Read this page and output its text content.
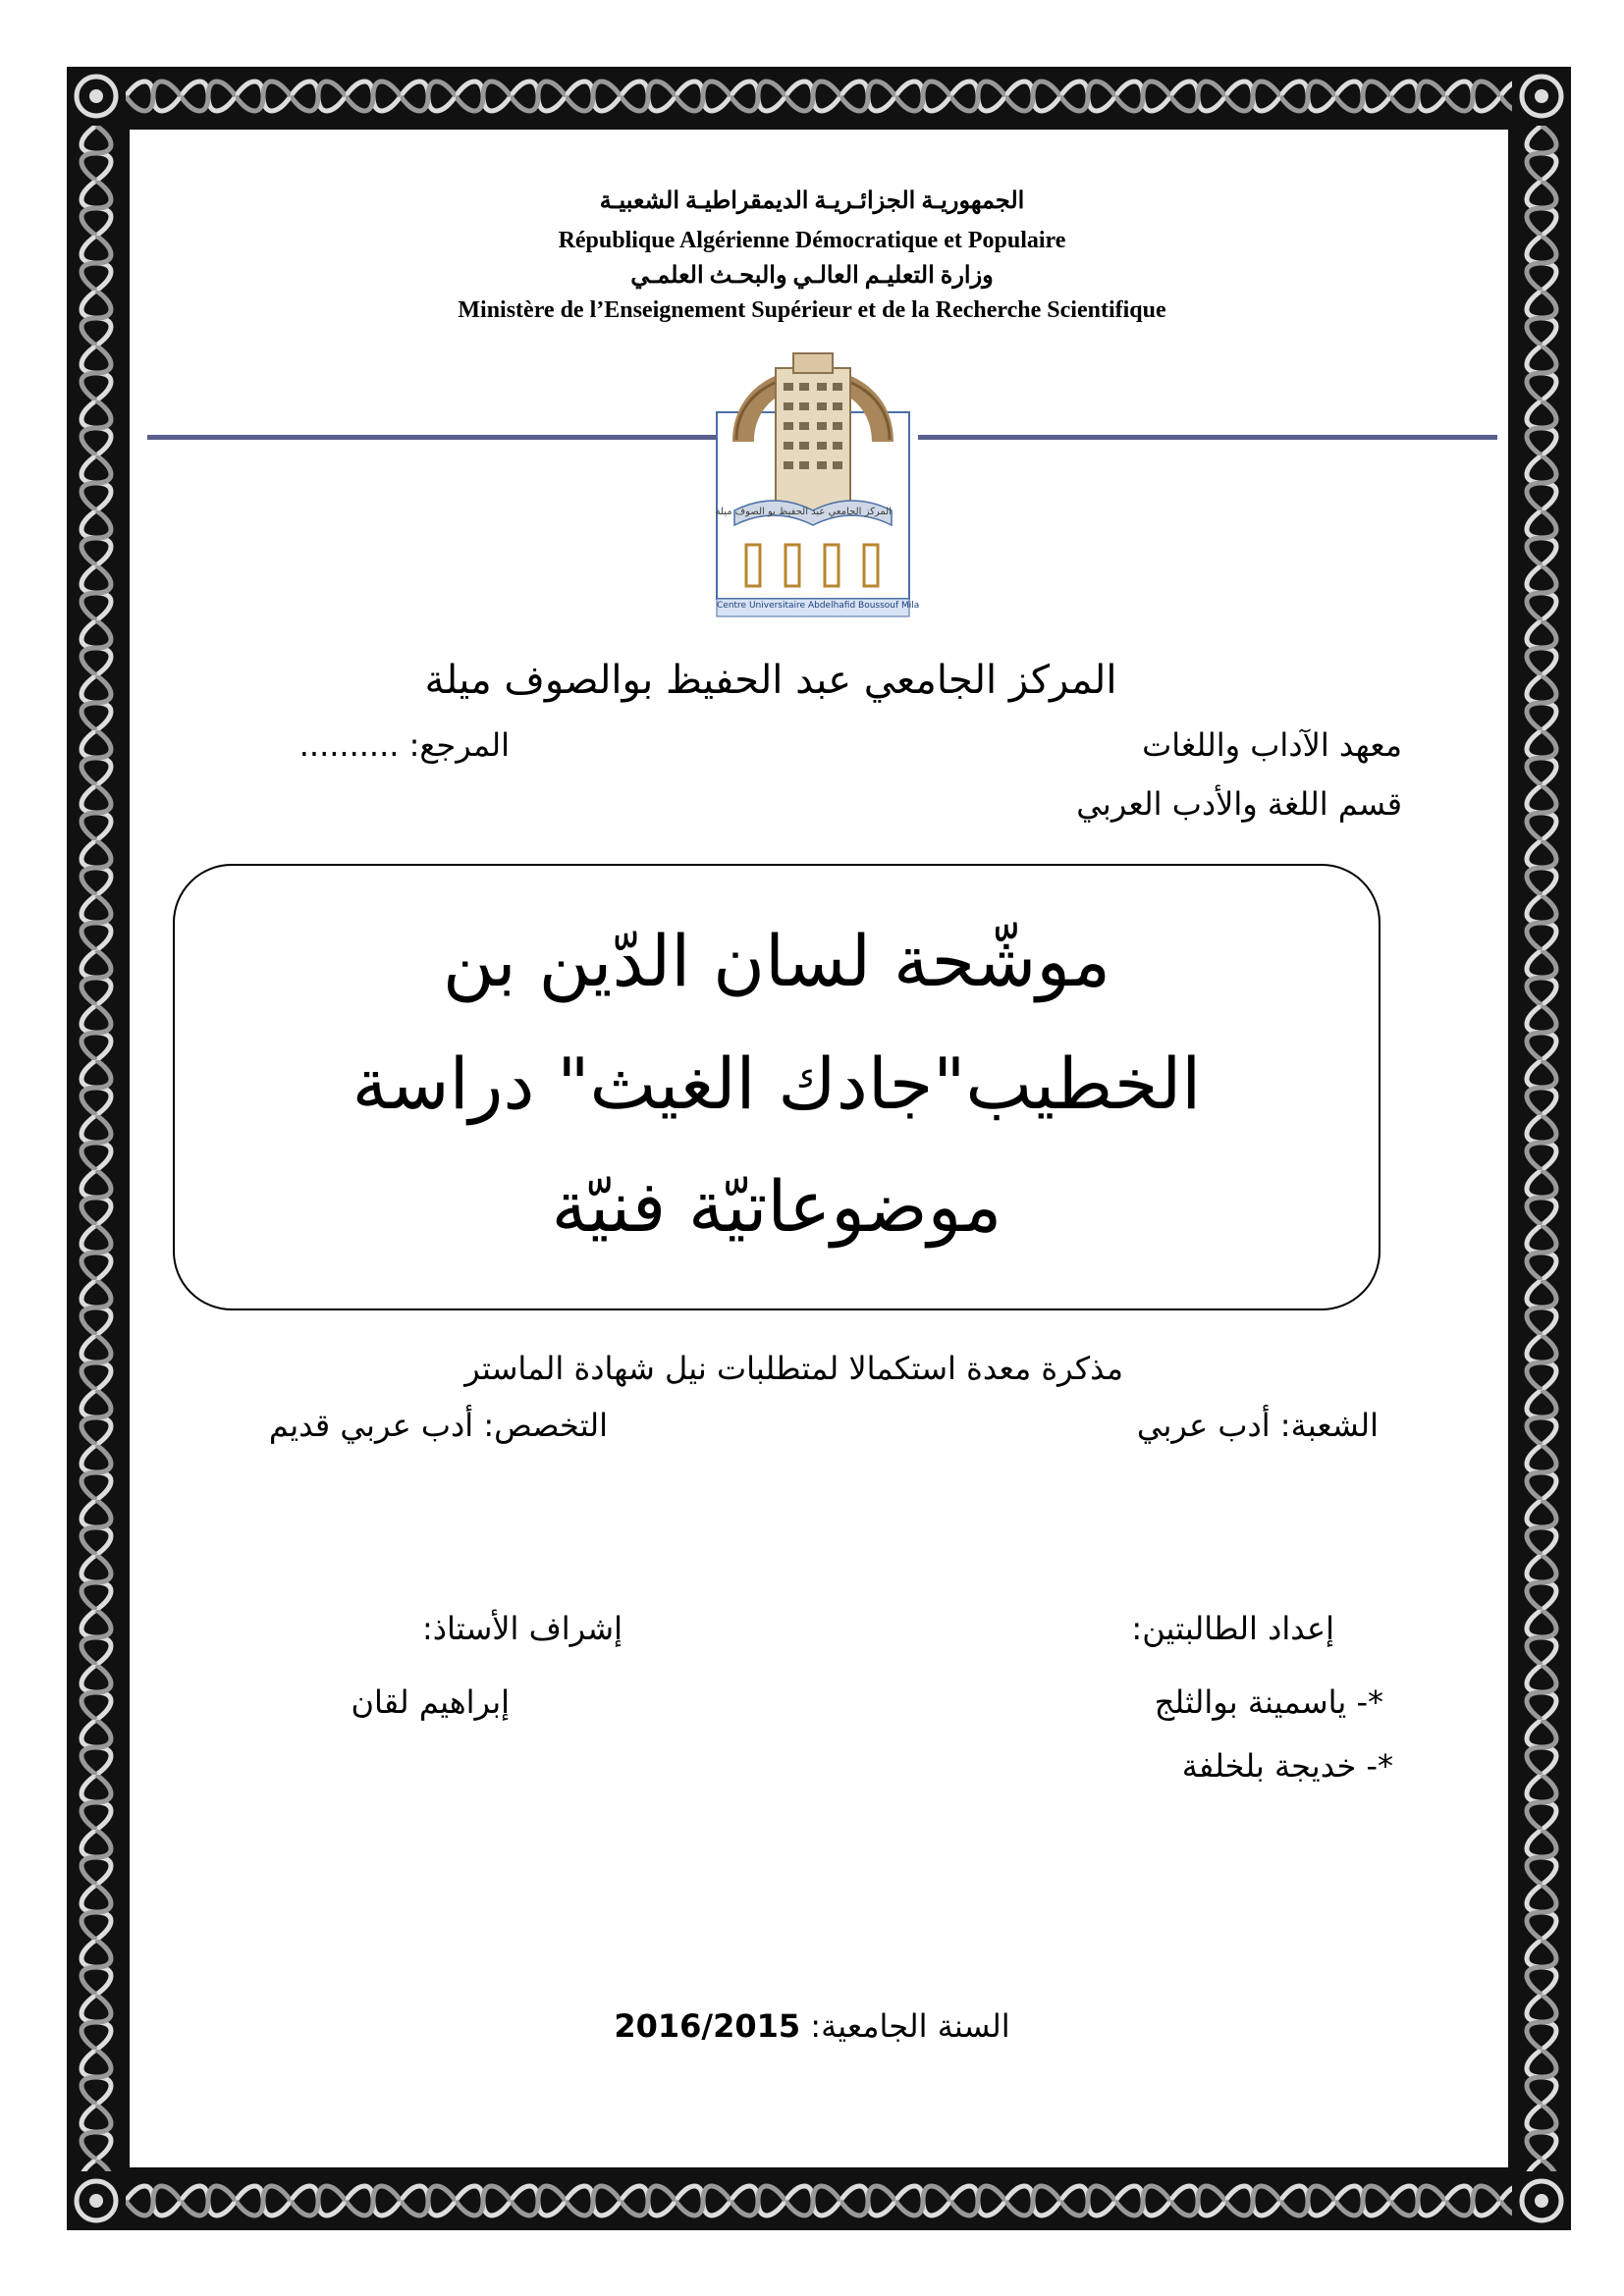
الجمهوريـة الجزائـريـة الديمقراطيـة الشعبيـة
République Algérienne Démocratique et Populaire
وزارة التعليـم العالـي والبحـث العلمـي
Ministère de l’Enseignement Supérieur et de la Recherche Scientifique
المركز الجامعي عبد الحفيظ بو الصوف ميلة
Centre Universitaire Abdelhafid Boussouf Mila
المركز الجامعي عبد الحفيظ بوالصوف ميلة
معهد الآداب واللغات
المرجع: ..........
قسم اللغة والأدب العربي
موشّحة لسان الدّين بن
الخطيب"جادك الغيث" دراسة
موضوعاتيّة فنيّة
مذكرة معدة استكمالا لمتطلبات نيل شهادة الماستر
الشعبة: أدب عربي
التخصص: أدب عربي قديم
إعداد الطالبتين:
إشراف الأستاذ:
*- ياسمينة بوالثلج
إبراهيم لقان
*- خديجة بلخلفة
السنة الجامعية: 2016/2015
